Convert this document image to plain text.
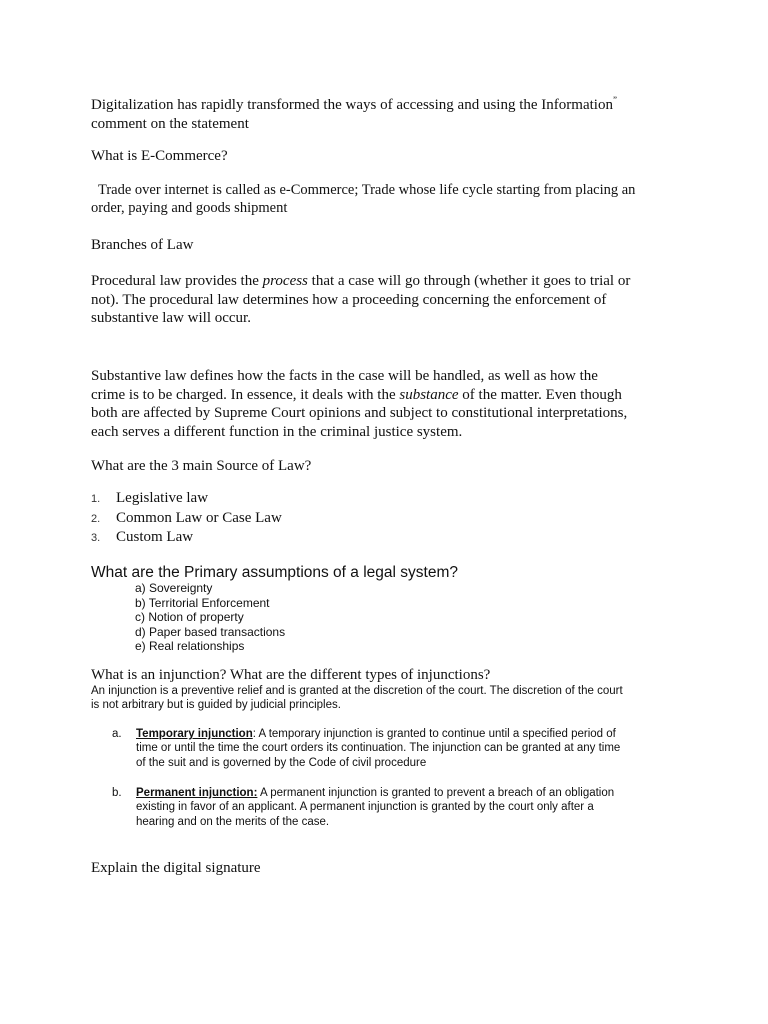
Digitalization has rapidly transformed the ways of accessing and using the Information”
comment on the statement
What is E-Commerce?
Trade over internet is called as e-Commerce; Trade whose life cycle starting from placing an
order, paying and goods shipment
Branches of Law
Procedural law provides the process that a case will go through (whether it goes to trial or
not). The procedural law determines how a proceeding concerning the enforcement of
substantive law will occur.
Substantive law defines how the facts in the case will be handled, as well as how the
crime is to be charged. In essence, it deals with the substance of the matter. Even though
both are affected by Supreme Court opinions and subject to constitutional interpretations,
each serves a different function in the criminal justice system.
What are the 3 main Source of Law?
1.	Legislative law
2.	Common Law or Case Law
3.	Custom Law
What are the Primary assumptions of a legal system?
a) Sovereignty
b) Territorial Enforcement
c) Notion of property
d) Paper based transactions
e) Real relationships
What is an injunction? What are the different types of injunctions?
An injunction is a preventive relief and is granted at the discretion of the court. The discretion of the court
is not arbitrary but is guided by judicial principles.
a. Temporary injunction: A temporary injunction is granted to continue until a specified period of
time or until the time the court orders its continuation. The injunction can be granted at any time
of the suit and is governed by the Code of civil procedure
b. Permanent injunction: A permanent injunction is granted to prevent a breach of an obligation
existing in favor of an applicant. A permanent injunction is granted by the court only after a
hearing and on the merits of the case.
Explain the digital signature
